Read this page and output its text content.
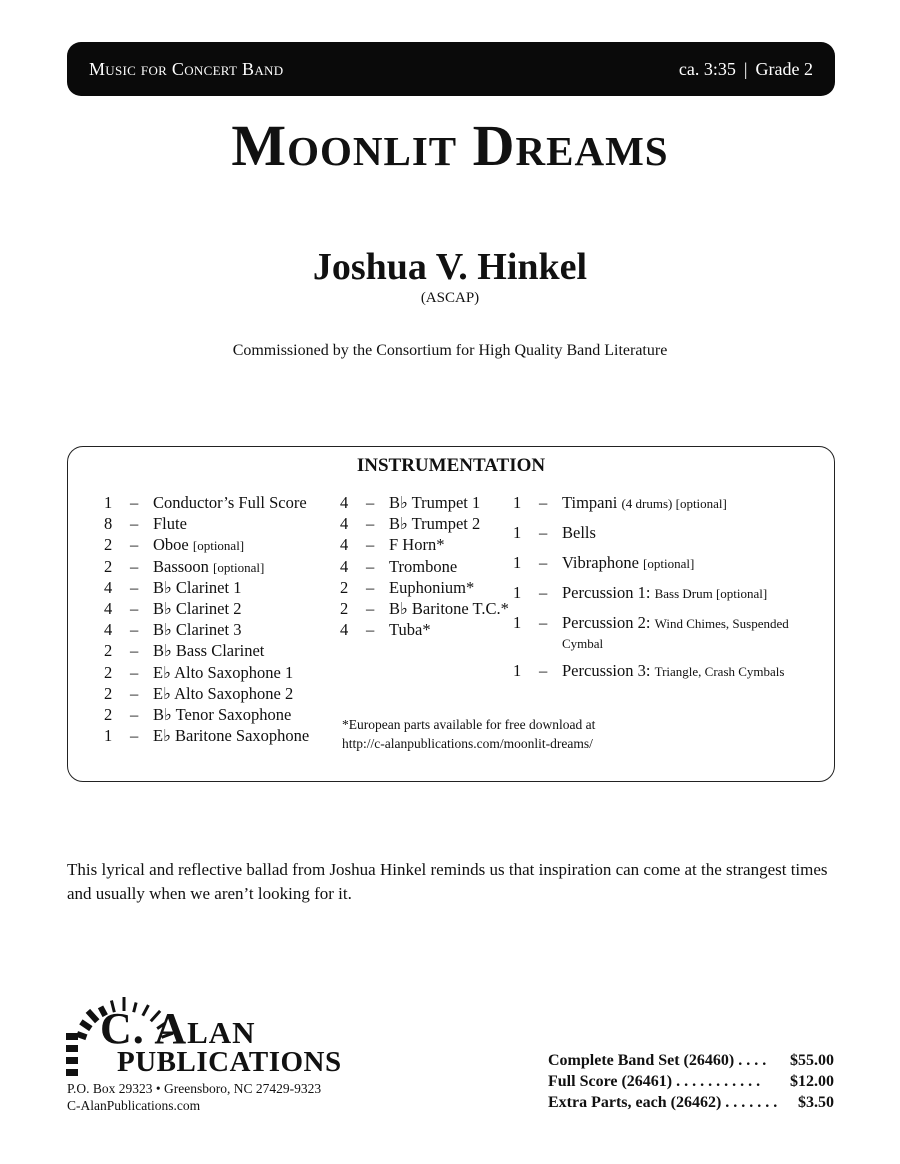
Music for Concert Band	ca. 3:35 | Grade 2
Moonlit Dreams
Joshua V. Hinkel
(ASCAP)
Commissioned by the Consortium for High Quality Band Literature
INSTRUMENTATION
1	– Conductor’s Full Score
8	– Flute
2	– Oboe [optional]
2	– Bassoon [optional]
4	– B♭ Clarinet 1
4	– B♭ Clarinet 2
4	– B♭ Clarinet 3
2	– B♭ Bass Clarinet
2	– E♭ Alto Saxophone 1
2	– E♭ Alto Saxophone 2
2	– B♭ Tenor Saxophone
1	– E♭ Baritone Saxophone
4	– B♭ Trumpet 1
4	– B♭ Trumpet 2
4	– F Horn*
4	– Trombone
2	– Euphonium*
2	– B♭ Baritone T.C.*
4	– Tuba*
1	– Timpani (4 drums) [optional]
1	– Bells
1	– Vibraphone [optional]
1	– Percussion 1: Bass Drum [optional]
1	– Percussion 2: Wind Chimes, Suspended Cymbal
1	– Percussion 3: Triangle, Crash Cymbals
*European parts available for free download at
http://c-alanpublications.com/moonlit-dreams/
This lyrical and reflective ballad from Joshua Hinkel reminds us that inspiration can come at the strangest times and usually when we aren’t looking for it.
C. Alan
PUBLICATIONS
P.O. Box 29323 • Greensboro, NC 27429-9323
C-AlanPublications.com
Complete Band Set (26460) . . . . $55.00
Full Score (26461) . . . . . . . . . . . $12.00
Extra Parts, each (26462) . . . . . . . $3.50
